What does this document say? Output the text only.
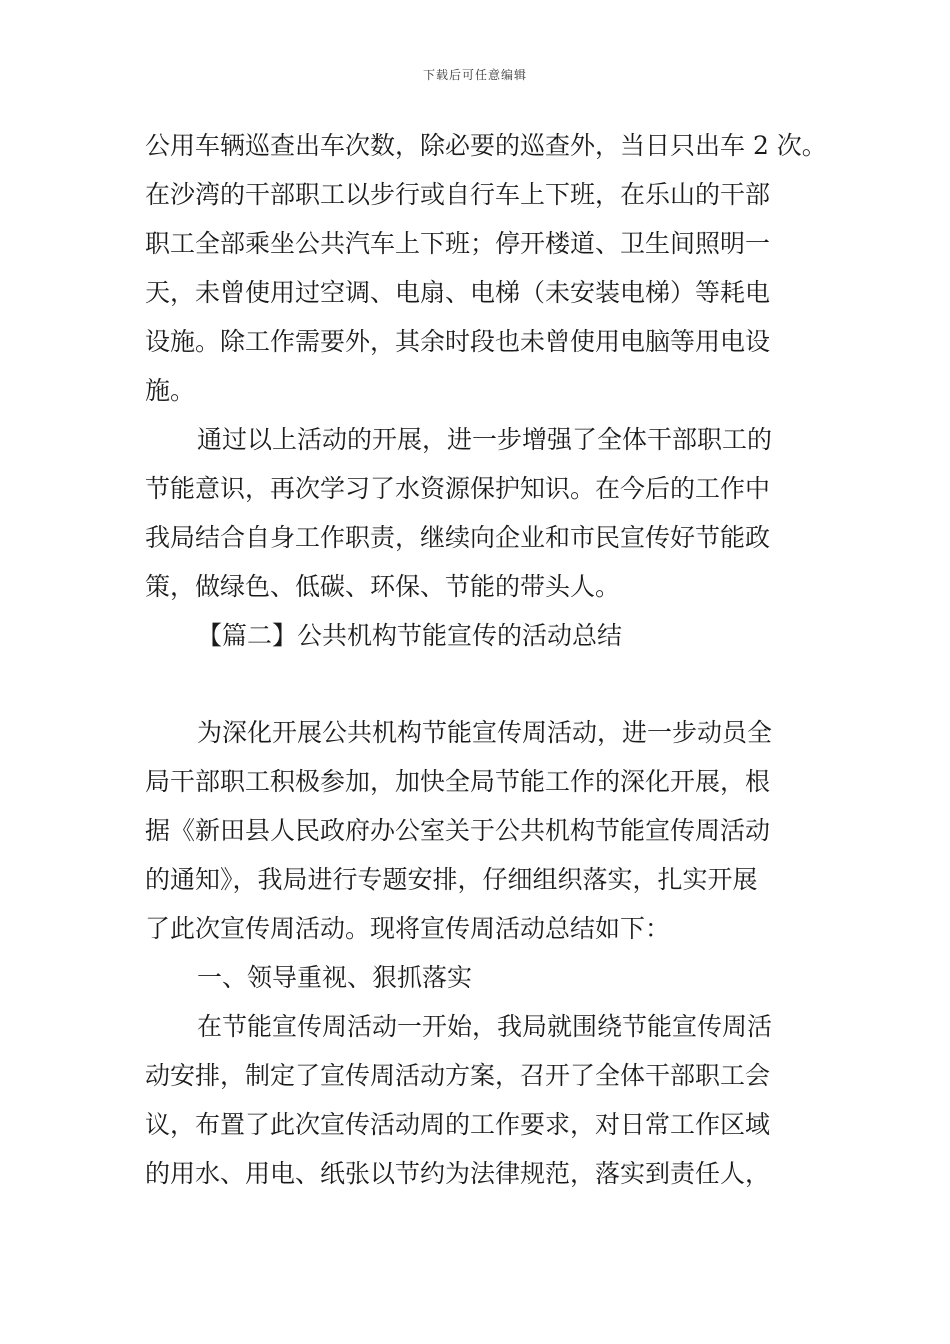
下载后可任意编辑

公用车辆巡查出车次数，除必要的巡查外，当日只出车 2 次。

在沙湾的干部职工以步行或自行车上下班，在乐山的干部

职工全部乘坐公共汽车上下班；停开楼道、卫生间照明一

天，未曾使用过空调、电扇、电梯（未安装电梯）等耗电

设施。除工作需要外，其余时段也未曾使用电脑等用电设

施。

通过以上活动的开展，进一步增强了全体干部职工的

节能意识，再次学习了水资源保护知识。在今后的工作中

我局结合自身工作职责，继续向企业和市民宣传好节能政

策，做绿色、低碳、环保、节能的带头人。

【篇二】公共机构节能宣传的活动总结

为深化开展公共机构节能宣传周活动，进一步动员全

局干部职工积极参加，加快全局节能工作的深化开展，根

据《新田县人民政府办公室关于公共机构节能宣传周活动

的通知》，我局进行专题安排，仔细组织落实，扎实开展

了此次宣传周活动。现将宣传周活动总结如下：

一、领导重视、狠抓落实

在节能宣传周活动一开始，我局就围绕节能宣传周活

动安排，制定了宣传周活动方案，召开了全体干部职工会

议，布置了此次宣传活动周的工作要求，对日常工作区域

的用水、用电、纸张以节约为法律规范，落实到责任人，
